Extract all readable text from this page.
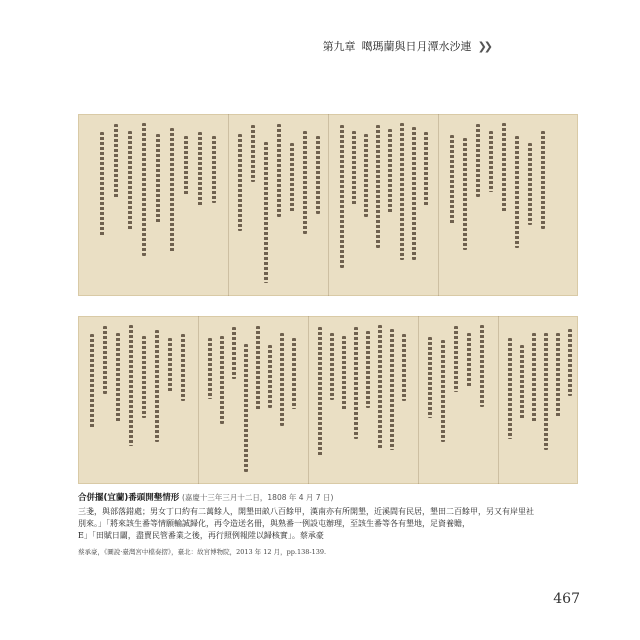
第九章 噶瑪蘭與日月潭水沙連 ❯❯
合併擺(宜蘭)番頭開墾情形 (嘉慶十三年三月十二日，1808 年 4 月 7 日)
三戔，與部落錯處；男女丁口約有二萬餘人，開墾田畝八百餘甲，漢南亦有所開墾，近溪間有民居，墾田二百餘甲，另又有岸里社
別來。」「將來該生番等情願輸誠歸化，再令造送名冊，與熟番一例設屯辦理，至該生番等各有墾地，足資養贍，
E」「田賦日闢，盡賣民管番業之後，再行照例報陞以歸核實」。蔡承豪
蔡承豪，《圖說·臺灣宮中檔奏摺》，臺北：故宮博物院，2013 年 12 月，pp.138-139.
467
